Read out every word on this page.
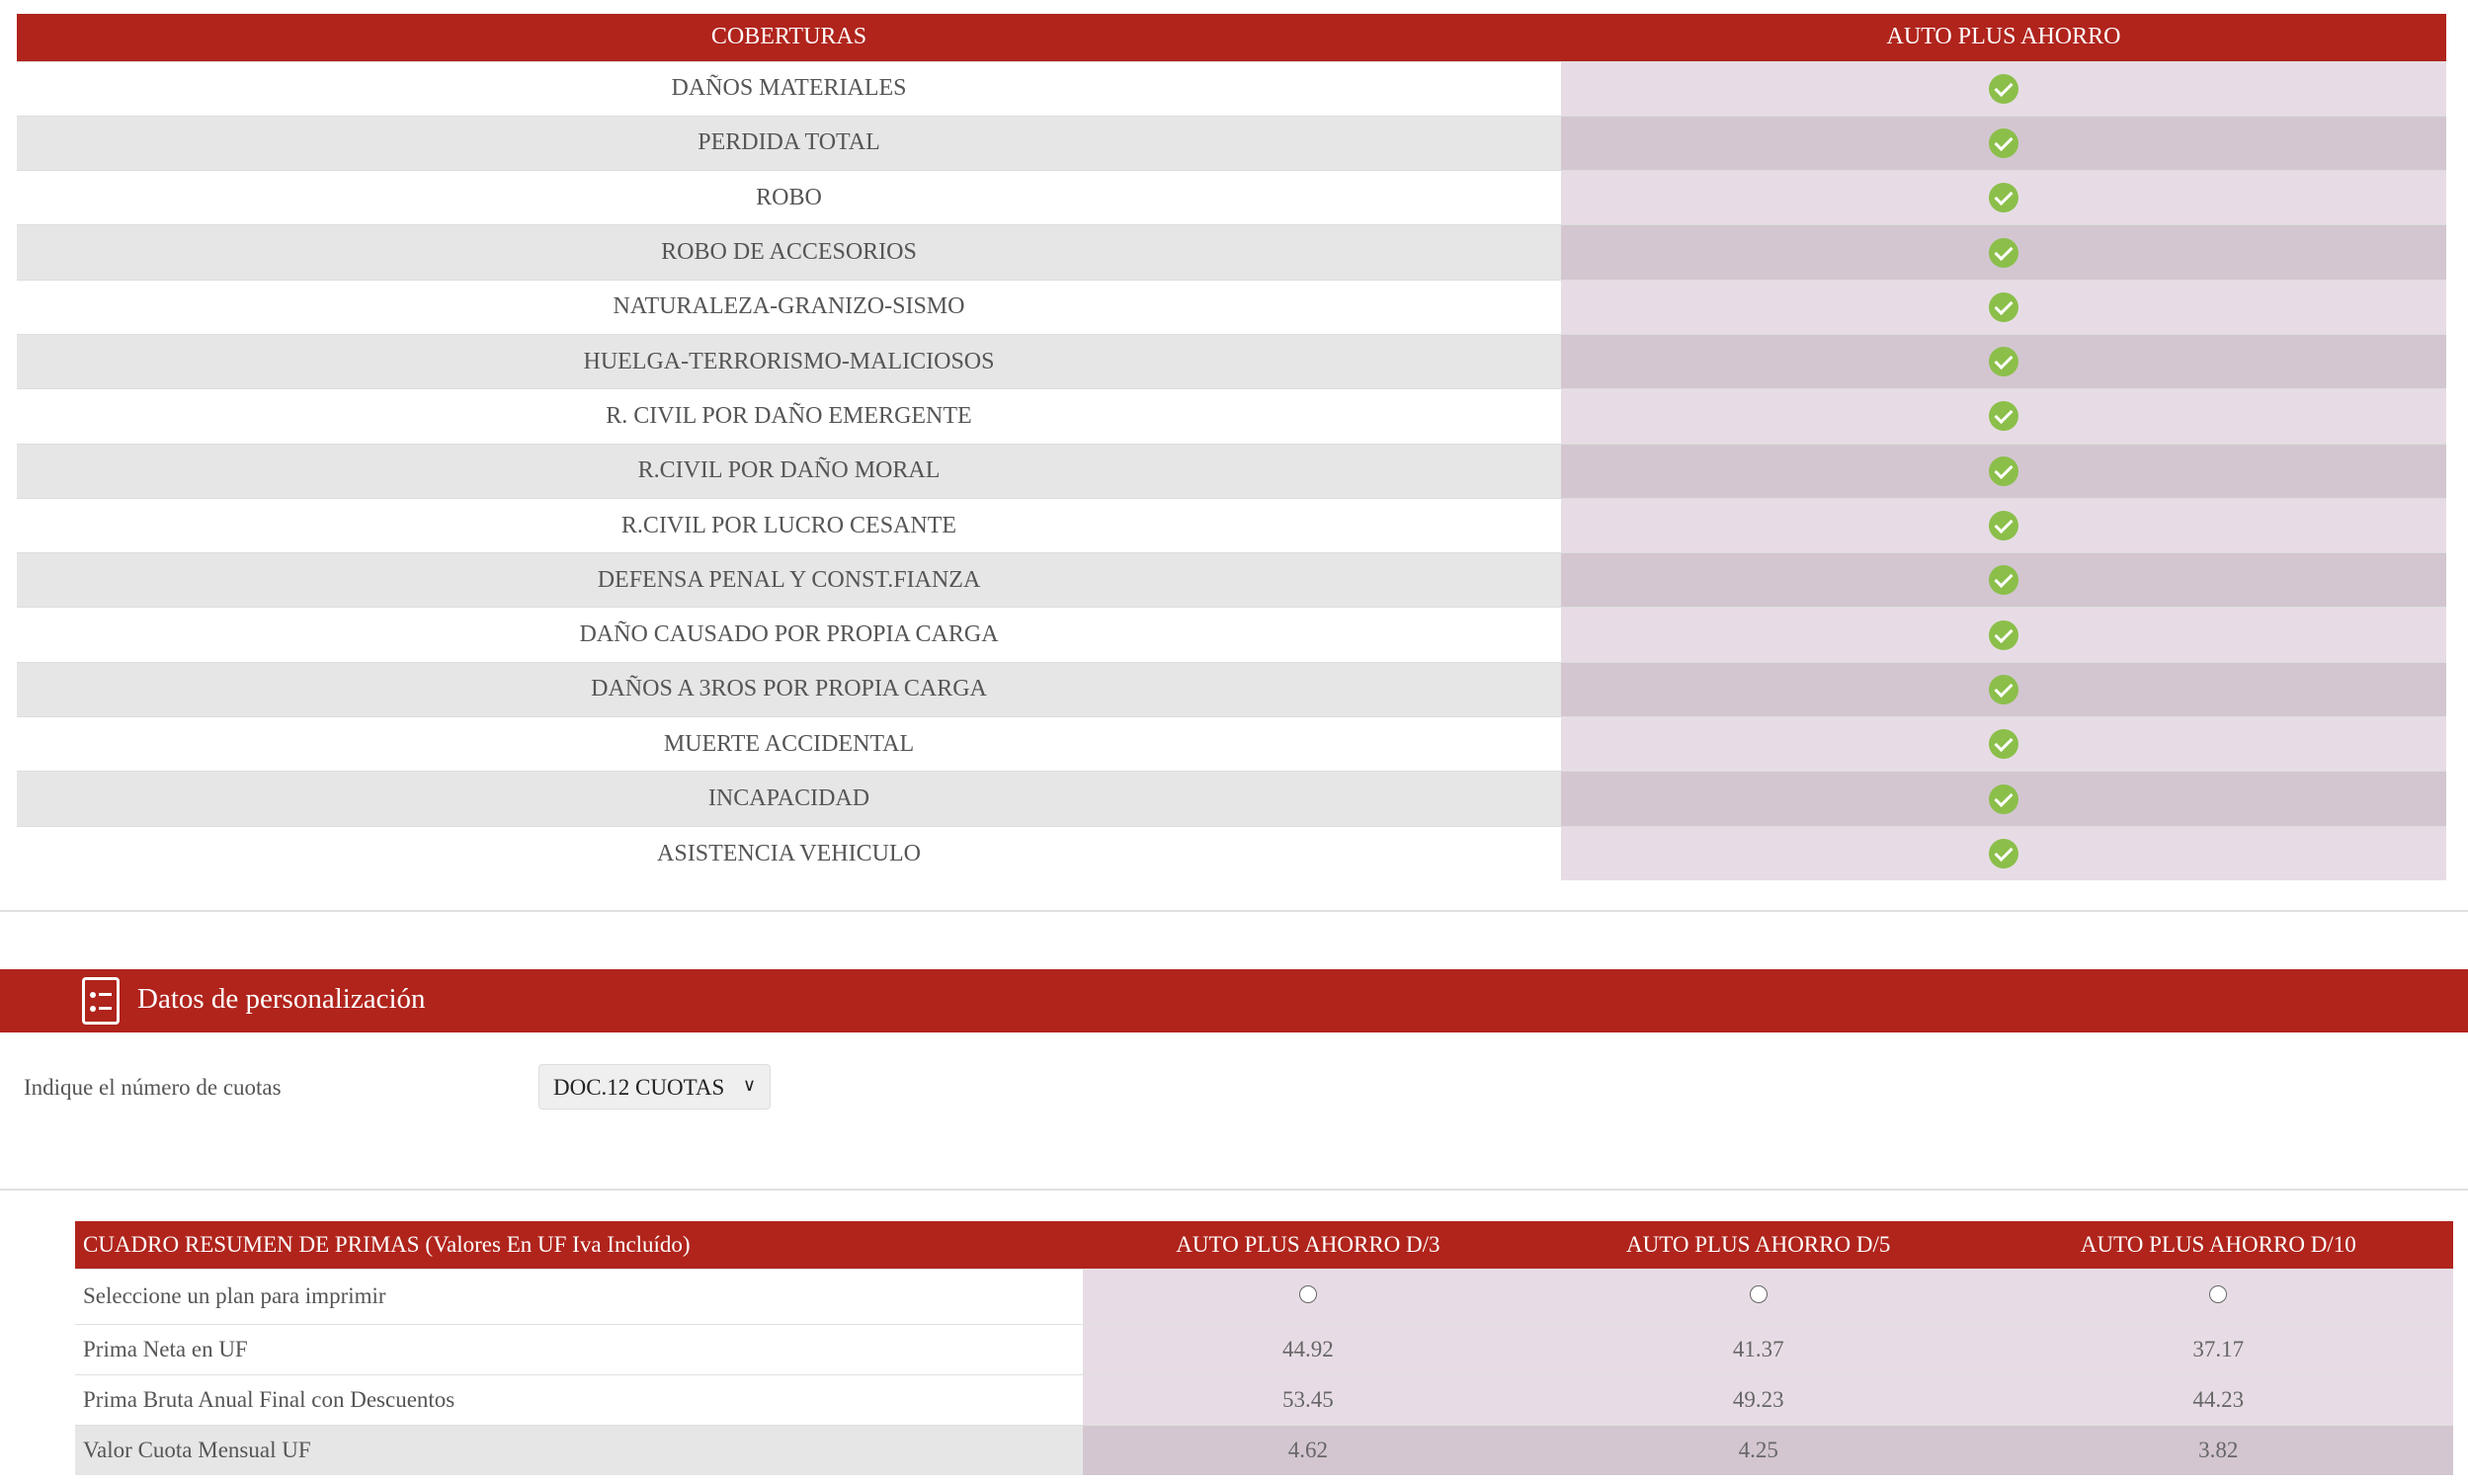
COBERTURAS	AUTO PLUS AHORRO
DAÑOS MATERIALES	
PERDIDA TOTAL	
ROBO	
ROBO DE ACCESORIOS	
NATURALEZA-GRANIZO-SISMO	
HUELGA-TERRORISMO-MALICIOSOS	
R. CIVIL POR DAÑO EMERGENTE	
R.CIVIL POR DAÑO MORAL	
R.CIVIL POR LUCRO CESANTE	
DEFENSA PENAL Y CONST.FIANZA	
DAÑO CAUSADO POR PROPIA CARGA	
DAÑOS A 3ROS POR PROPIA CARGA	
MUERTE ACCIDENTAL	
INCAPACIDAD	
ASISTENCIA VEHICULO	
Datos de personalización
Indique el número de cuotas	DOC.12 CUOTAS ∨
CUADRO RESUMEN DE PRIMAS (Valores En UF Iva Incluído)	AUTO PLUS AHORRO D/3	AUTO PLUS AHORRO D/5	AUTO PLUS AHORRO D/10
Seleccione un plan para imprimir			
Prima Neta en UF	44.92	41.37	37.17
Prima Bruta Anual Final con Descuentos	53.45	49.23	44.23
Valor Cuota Mensual UF	4.62	4.25	3.82
